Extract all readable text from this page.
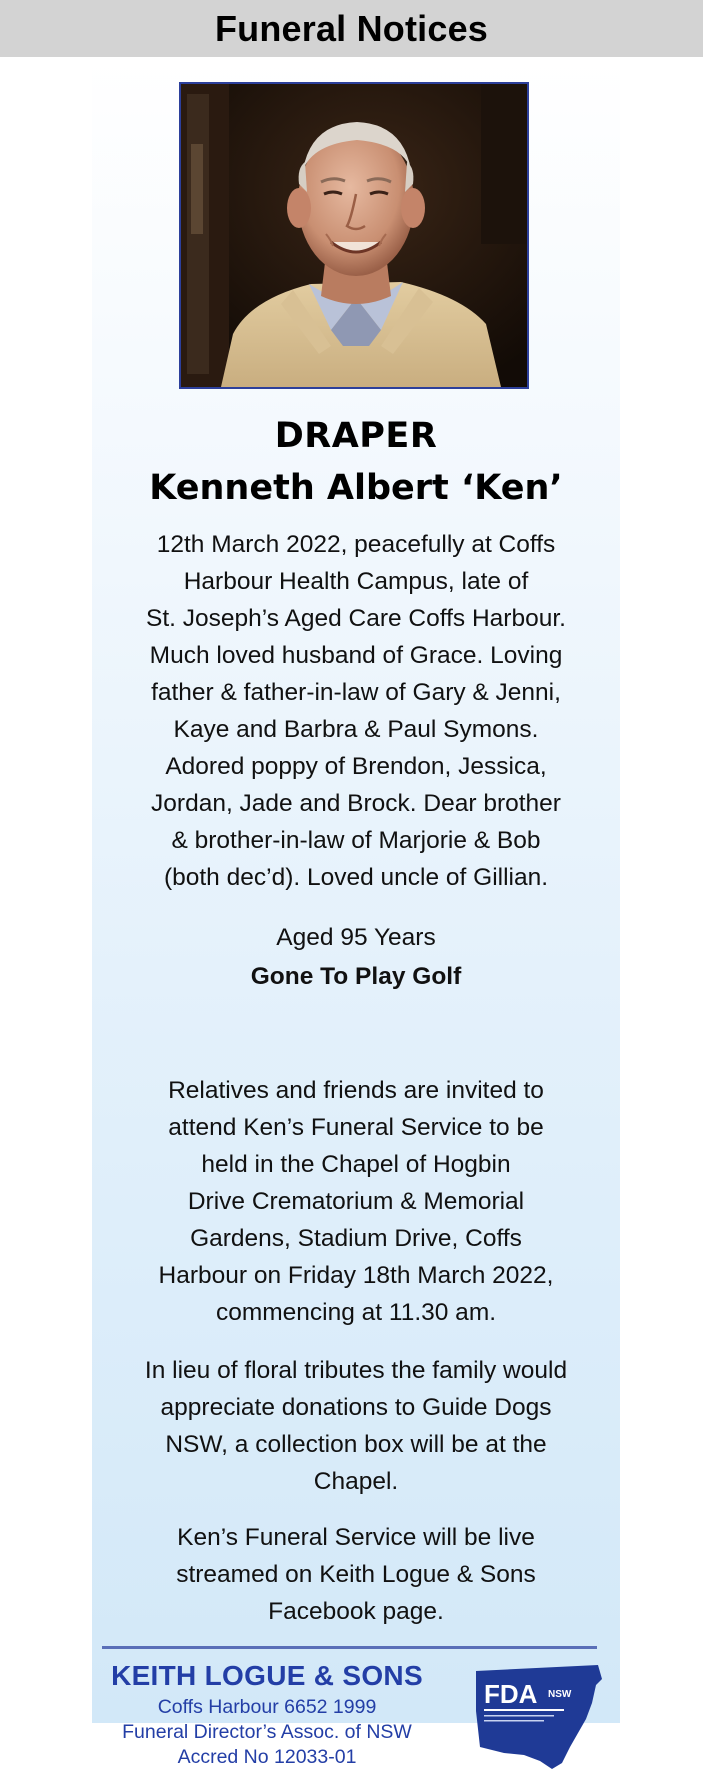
Funeral Notices
DRAPER
Kenneth Albert ‘Ken’
12th March 2022, peacefully at Coffs
Harbour Health Campus, late of
St. Joseph’s Aged Care Coffs Harbour.
Much loved husband of Grace. Loving
father & father-in-law of Gary & Jenni,
Kaye and Barbra & Paul Symons.
Adored poppy of Brendon, Jessica,
Jordan, Jade and Brock. Dear brother
& brother-in-law of Marjorie & Bob
(both dec’d). Loved uncle of Gillian.
Aged 95 Years
Gone To Play Golf
Relatives and friends are invited to
attend Ken’s Funeral Service to be
held in the Chapel of Hogbin
Drive Crematorium & Memorial
Gardens, Stadium Drive, Coffs
Harbour on Friday 18th March 2022,
commencing at 11.30 am.
In lieu of floral tributes the family would
appreciate donations to Guide Dogs
NSW, a collection box will be at the
Chapel.
Ken’s Funeral Service will be live
streamed on Keith Logue & Sons
Facebook page.
KEITH LOGUE & SONS
Coffs Harbour 6652 1999
Funeral Director’s Assoc. of NSW
Accred No 12033-01
FDA NSW
